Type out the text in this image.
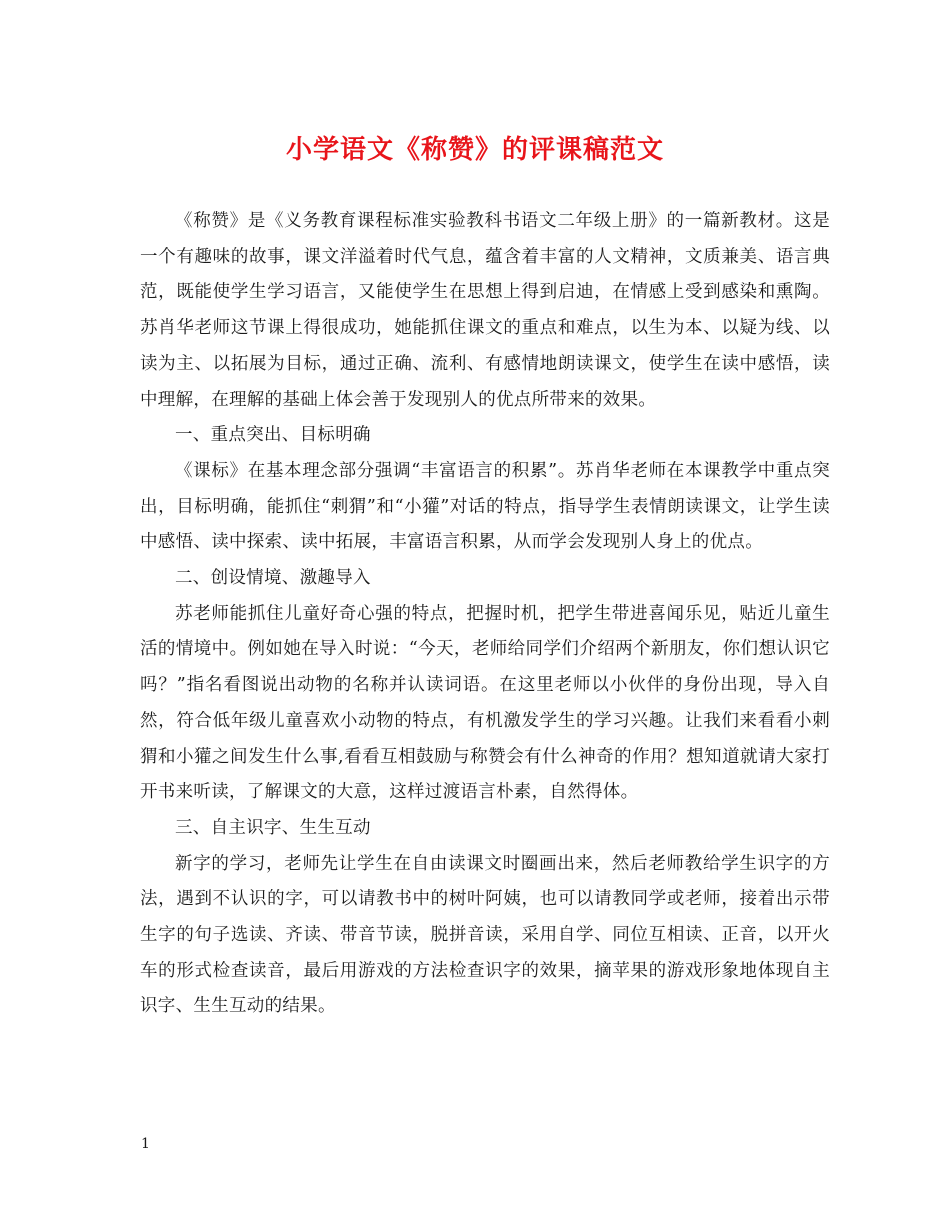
小学语文《称赞》的评课稿范文

《称赞》是《义务教育课程标准实验教科书语文二年级上册》的一篇新教材。这是一个有趣味的故事，课文洋溢着时代气息，蕴含着丰富的人文精神，文质兼美、语言典范，既能使学生学习语言，又能使学生在思想上得到启迪，在情感上受到感染和熏陶。苏肖华老师这节课上得很成功，她能抓住课文的重点和难点，以生为本、以疑为线、以读为主、以拓展为目标，通过正确、流利、有感情地朗读课文，使学生在读中感悟，读中理解，在理解的基础上体会善于发现别人的优点所带来的效果。

一、重点突出、目标明确

《课标》在基本理念部分强调“丰富语言的积累”。苏肖华老师在本课教学中重点突出，目标明确，能抓住“刺猬”和“小獾”对话的特点，指导学生表情朗读课文，让学生读中感悟、读中探索、读中拓展，丰富语言积累，从而学会发现别人身上的优点。

二、创设情境、激趣导入

苏老师能抓住儿童好奇心强的特点，把握时机，把学生带进喜闻乐见，贴近儿童生活的情境中。例如她在导入时说：“今天，老师给同学们介绍两个新朋友，你们想认识它吗？”指名看图说出动物的名称并认读词语。在这里老师以小伙伴的身份出现，导入自然，符合低年级儿童喜欢小动物的特点，有机激发学生的学习兴趣。让我们来看看小刺猬和小獾之间发生什么事,看看互相鼓励与称赞会有什么神奇的作用？想知道就请大家打开书来听读，了解课文的大意，这样过渡语言朴素，自然得体。

三、自主识字、生生互动

新字的学习，老师先让学生在自由读课文时圈画出来，然后老师教给学生识字的方法，遇到不认识的字，可以请教书中的树叶阿姨，也可以请教同学或老师，接着出示带生字的句子选读、齐读、带音节读，脱拼音读，采用自学、同位互相读、正音，以开火车的形式检查读音，最后用游戏的方法检查识字的效果，摘苹果的游戏形象地体现自主识字、生生互动的结果。

1
